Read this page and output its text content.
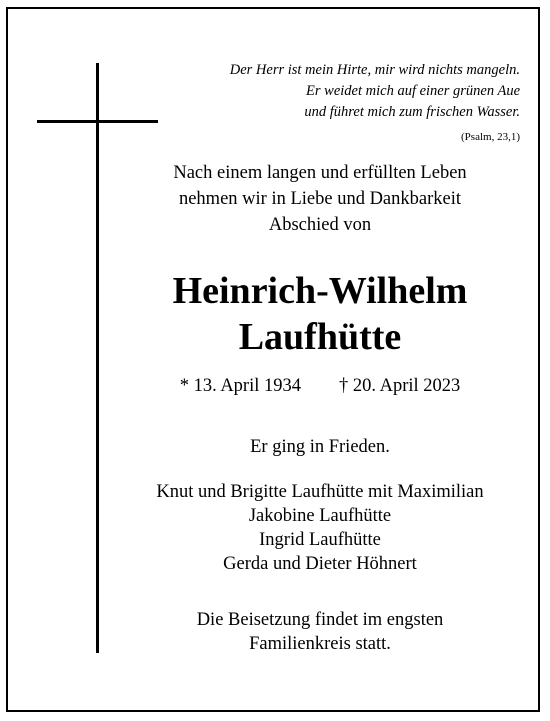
Der Herr ist mein Hirte, mir wird nichts mangeln.
Er weidet mich auf einer grünen Aue
und führet mich zum frischen Wasser.
(Psalm, 23,1)
Nach einem langen und erfüllten Leben
nehmen wir in Liebe und Dankbarkeit
Abschied von
Heinrich-Wilhelm
Laufhütte
* 13. April 1934 † 20. April 2023
Er ging in Frieden.
Knut und Brigitte Laufhütte mit Maximilian
Jakobine Laufhütte
Ingrid Laufhütte
Gerda und Dieter Höhnert
Die Beisetzung findet im engsten
Familienkreis statt.
